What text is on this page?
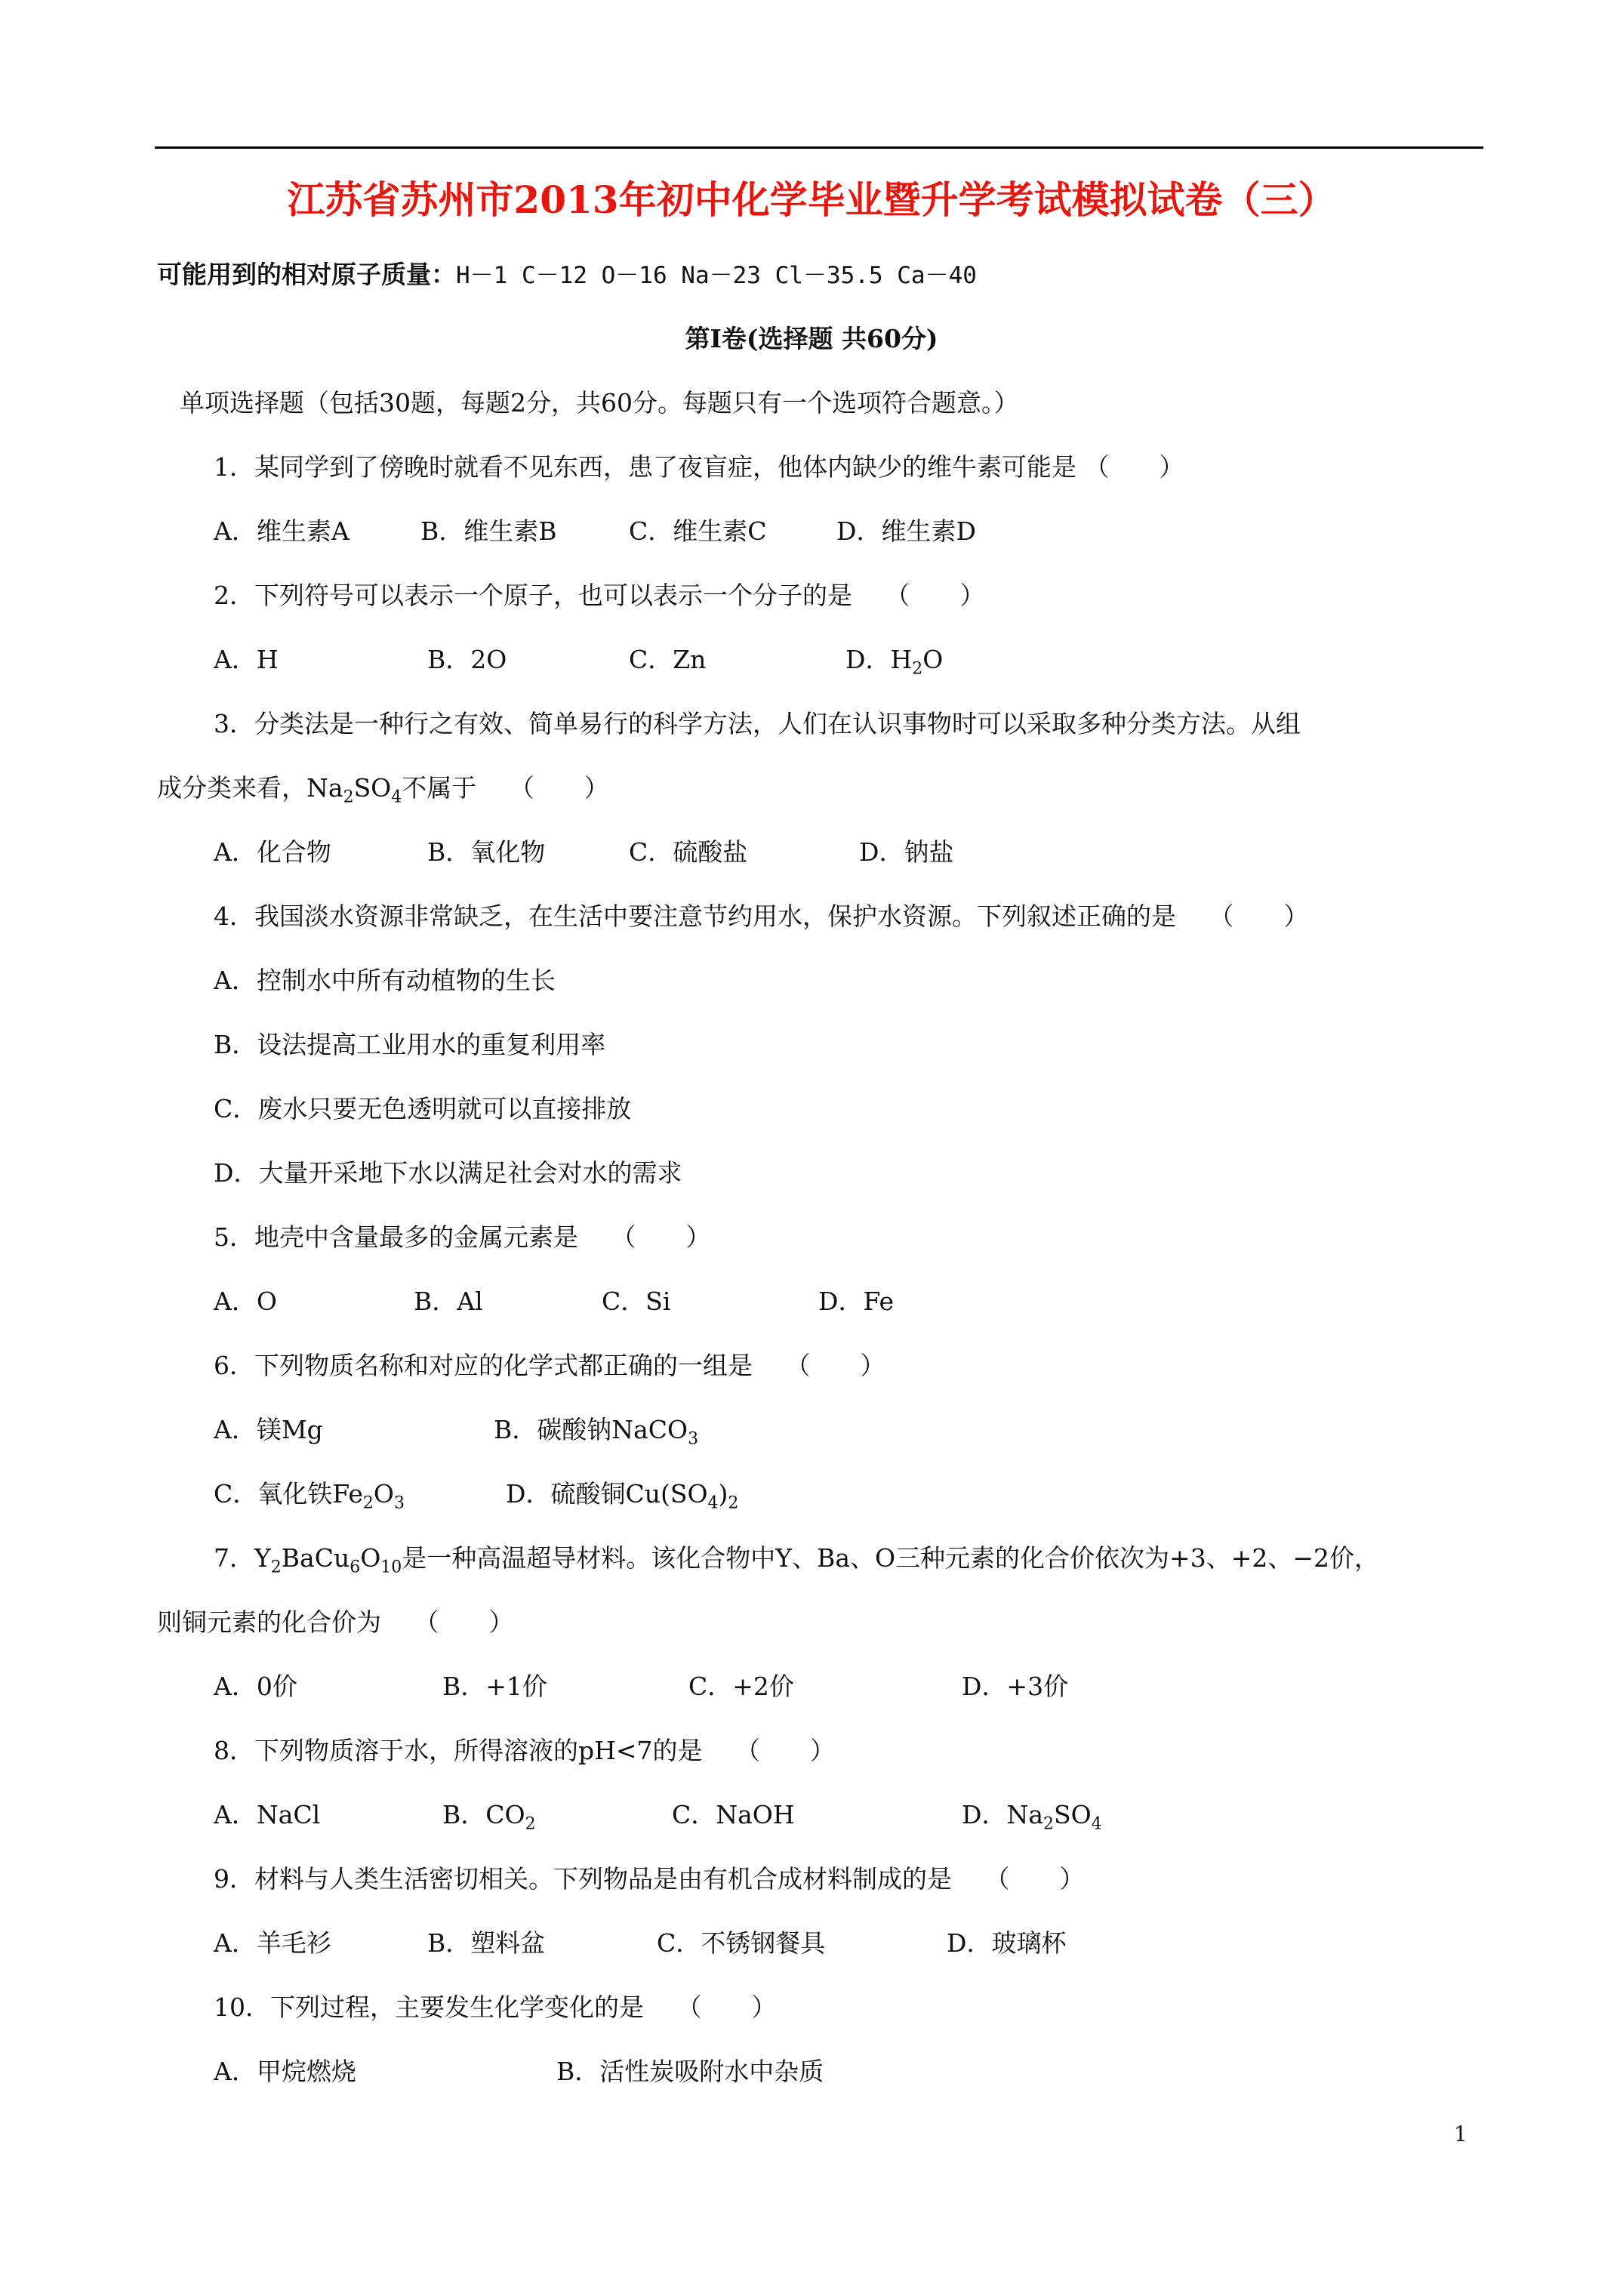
江苏省苏州市2013年初中化学毕业暨升学考试模拟试卷（三）
可能用到的相对原子质量：H－1 C－12 O－16 Na－23 Cl－35.5 Ca－40
第Ⅰ卷(选择题 共60分)
单项选择题（包括30题，每题2分，共60分。每题只有一个选项符合题意。）
1．某同学到了傍晚时就看不见东西，患了夜盲症，他体内缺少的维牛素可能是 （　　）
A．维生素A	B．维生素B	C．维生素C	D．维生素D
2．下列符号可以表示一个原子，也可以表示一个分子的是　 （　　）
A．H	B．2O	C．Zn	D．$H_2O$
3．分类法是一种行之有效、简单易行的科学方法，人们在认识事物时可以采取多种分类方法。从组
成分类来看，$Na_2SO_4$不属于　 （　　）
A．化合物	B．氧化物	C．硫酸盐	D．钠盐
4．我国淡水资源非常缺乏，在生活中要注意节约用水，保护水资源。下列叙述正确的是　 （　　）
A．控制水中所有动植物的生长
B．设法提高工业用水的重复利用率
C．废水只要无色透明就可以直接排放
D．大量开采地下水以满足社会对水的需求
5．地壳中含量最多的金属元素是　 （　　）
A．O	B．Al	C．Si	D．Fe
6．下列物质名称和对应的化学式都正确的一组是　 （　　）
A．镁Mg	B．碳酸钠NaCO$_3$
C．氧化铁$Fe_2O_3$	D．硫酸铜$Cu(SO_4)_2$
7．$Y_2BaCu_6O_{10}$是一种高温超导材料。该化合物中Y、Ba、O三种元素的化合价依次为+3、+2、−2价，
则铜元素的化合价为　 （　　）
A．0价	B．+1价	C．+2价	D．+3价
8．下列物质溶于水，所得溶液的pH<7的是　 （　　）
A．NaCl	B．$CO_2$	C．NaOH	D．$Na_2SO_4$
9．材料与人类生活密切相关。下列物品是由有机合成材料制成的是　 （　　）
A．羊毛衫	B．塑料盆	C．不锈钢餐具	D．玻璃杯
10．下列过程，主要发生化学变化的是　 （　　）
A．甲烷燃烧	B．活性炭吸附水中杂质
1
